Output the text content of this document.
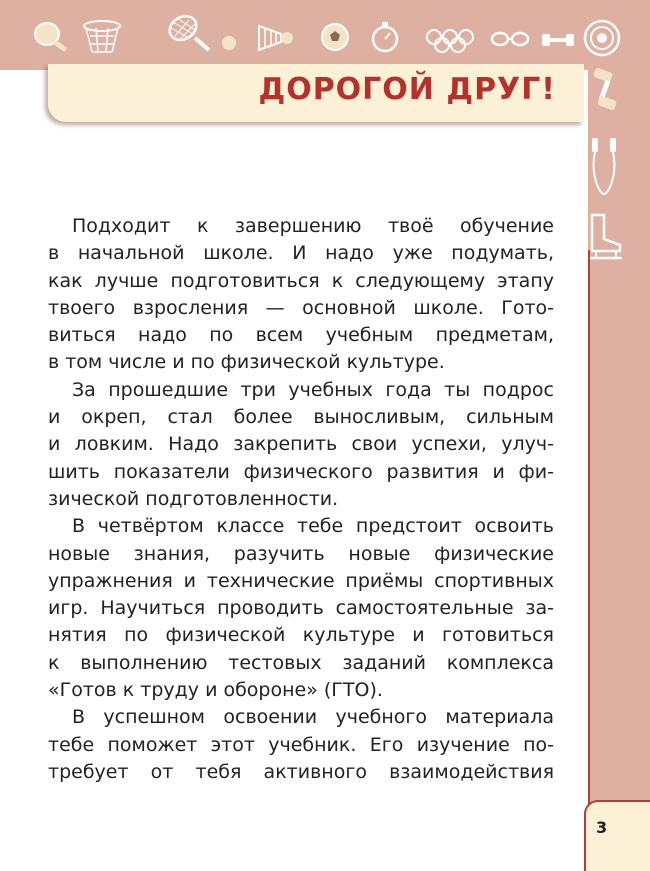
ДОРОГОЙ ДРУГ!

Подходит к завершению твоё обучение

в начальной школе. И надо уже подумать,

как лучше подготовиться к следующему этапу

твоего взросления — основной школе. Гото-

виться надо по всем учебным предметам,

в том числе и по физической культуре.

За прошедшие три учебных года ты подрос

и окреп, стал более выносливым, сильным

и ловким. Надо закрепить свои успехи, улуч-

шить показатели физического развития и фи-

зической подготовленности.

В четвёртом классе тебе предстоит освоить

новые знания, разучить новые физические

упражнения и технические приёмы спортивных

игр. Научиться проводить самостоятельные за-

нятия по физической культуре и готовиться

к выполнению тестовых заданий комплекса

«Готов к труду и обороне» (ГТО).

В успешном освоении учебного материала

тебе поможет этот учебник. Его изучение по-

требует от тебя активного взаимодействия

3
